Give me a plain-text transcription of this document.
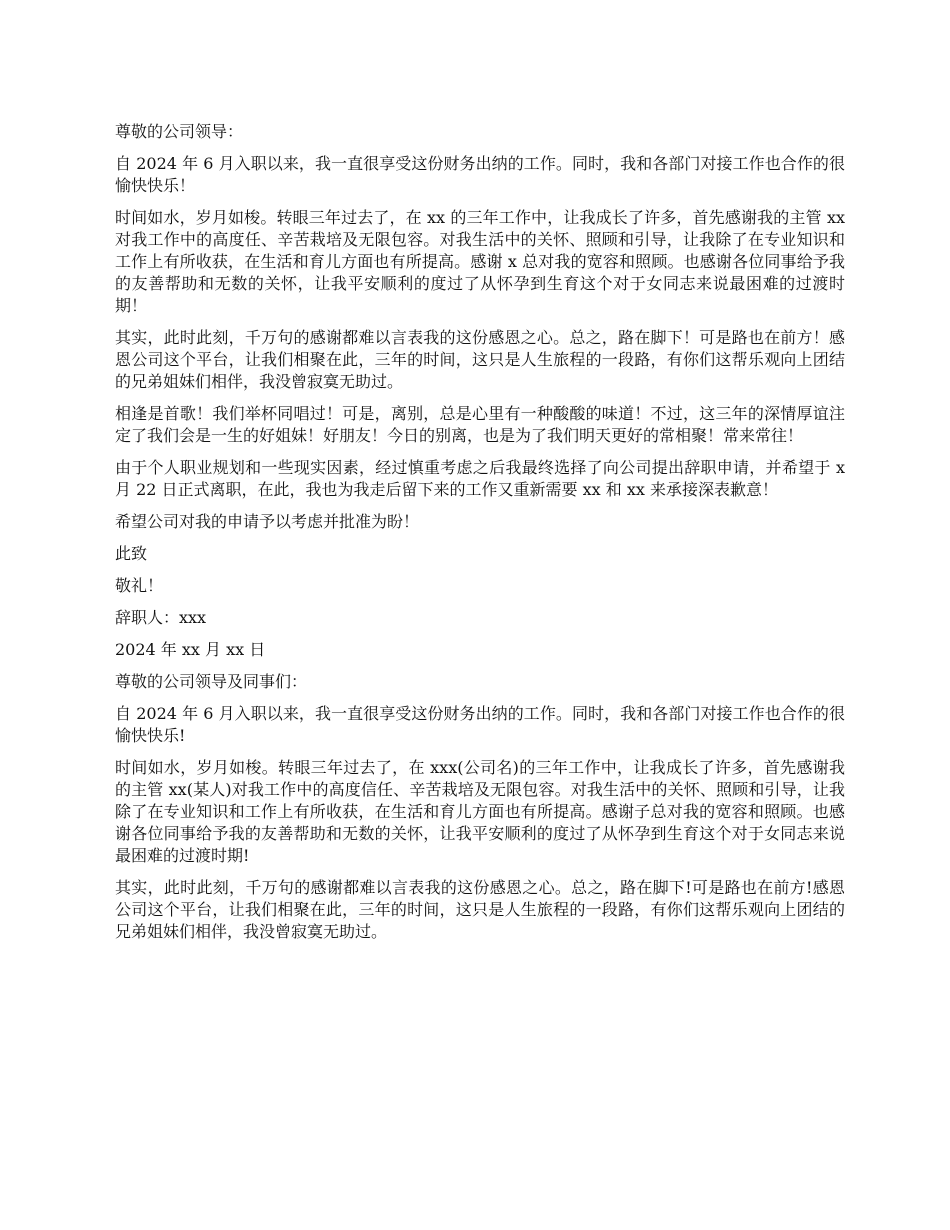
尊敬的公司领导：

自 2024 年 6 月入职以来，我一直很享受这份财务出纳的工作。同时，我和各部门对接工作也合作的很愉快快乐！

时间如水，岁月如梭。转眼三年过去了，在 xx 的三年工作中，让我成长了许多，首先感谢我的主管 xx 对我工作中的高度任、辛苦栽培及无限包容。对我生活中的关怀、照顾和引导，让我除了在专业知识和工作上有所收获，在生活和育儿方面也有所提高。感谢 x 总对我的宽容和照顾。也感谢各位同事给予我的友善帮助和无数的关怀，让我平安顺利的度过了从怀孕到生育这个对于女同志来说最困难的过渡时期！

其实，此时此刻，千万句的感谢都难以言表我的这份感恩之心。总之，路在脚下！可是路也在前方！感恩公司这个平台，让我们相聚在此，三年的时间，这只是人生旅程的一段路，有你们这帮乐观向上团结的兄弟姐妹们相伴，我没曾寂寞无助过。

相逢是首歌！我们举杯同唱过！可是，离别，总是心里有一种酸酸的味道！不过，这三年的深情厚谊注定了我们会是一生的好姐妹！好朋友！今日的别离，也是为了我们明天更好的常相聚！常来常往！

由于个人职业规划和一些现实因素，经过慎重考虑之后我最终选择了向公司提出辞职申请，并希望于 x 月 22 日正式离职，在此，我也为我走后留下来的工作又重新需要 xx 和 xx 来承接深表歉意！

希望公司对我的申请予以考虑并批准为盼！

此致

敬礼！

辞职人：xxx

2024 年 xx 月 xx 日

尊敬的公司领导及同事们：

自 2024 年 6 月入职以来，我一直很享受这份财务出纳的工作。同时，我和各部门对接工作也合作的很愉快快乐!

时间如水，岁月如梭。转眼三年过去了，在 xxx(公司名)的三年工作中，让我成长了许多，首先感谢我的主管 xx(某人)对我工作中的高度信任、辛苦栽培及无限包容。对我生活中的关怀、照顾和引导，让我除了在专业知识和工作上有所收获，在生活和育儿方面也有所提高。感谢子总对我的宽容和照顾。也感谢各位同事给予我的友善帮助和无数的关怀，让我平安顺利的度过了从怀孕到生育这个对于女同志来说最困难的过渡时期!

其实，此时此刻，千万句的感谢都难以言表我的这份感恩之心。总之，路在脚下!可是路也在前方!感恩公司这个平台，让我们相聚在此，三年的时间，这只是人生旅程的一段路，有你们这帮乐观向上团结的兄弟姐妹们相伴，我没曾寂寞无助过。
